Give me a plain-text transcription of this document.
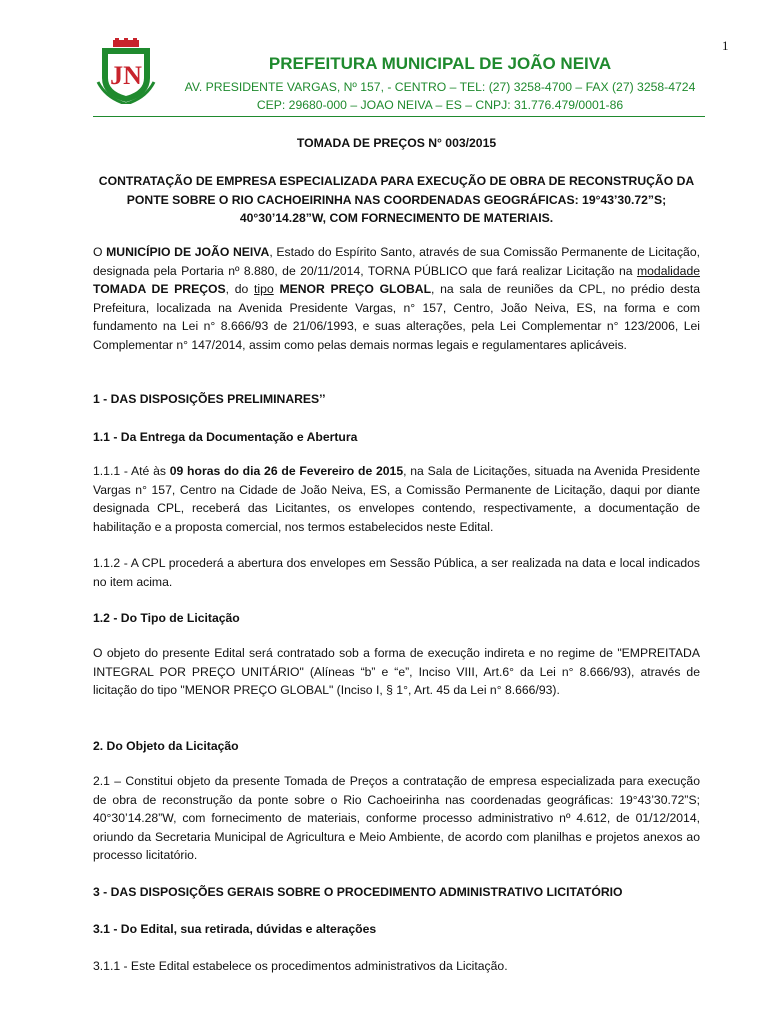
1
JN	PREFEITURA MUNICIPAL DE JOÃO NEIVA
AV. PRESIDENTE VARGAS, Nº 157, - CENTRO – TEL: (27) 3258-4700 – FAX (27) 3258-4724
CEP: 29680-000 – JOAO NEIVA – ES – CNPJ: 31.776.479/0001-86

TOMADA DE PREÇOS N° 003/2015

CONTRATAÇÃO DE EMPRESA ESPECIALIZADA PARA EXECUÇÃO DE OBRA DE RECONSTRUÇÃO DA PONTE SOBRE O RIO CACHOEIRINHA NAS COORDENADAS GEOGRÁFICAS: 19°43’30.72”S; 40°30’14.28”W, COM FORNECIMENTO DE MATERIAIS.

O MUNICÍPIO DE JOÃO NEIVA, Estado do Espírito Santo, através de sua Comissão Permanente de Licitação, designada pela Portaria nº 8.880, de 20/11/2014, TORNA PÚBLICO que fará realizar Licitação na modalidade TOMADA DE PREÇOS, do tipo MENOR PREÇO GLOBAL, na sala de reuniões da CPL, no prédio desta Prefeitura, localizada na Avenida Presidente Vargas, n° 157, Centro, João Neiva, ES, na forma e com fundamento na Lei n° 8.666/93 de 21/06/1993, e suas alterações, pela Lei Complementar n° 123/2006, Lei Complementar n° 147/2014, assim como pelas demais normas legais e regulamentares aplicáveis.

1 - DAS DISPOSIÇÕES PRELIMINARES’’

1.1 - Da Entrega da Documentação e Abertura

1.1.1 - Até às 09 horas do dia 26 de Fevereiro de 2015, na Sala de Licitações, situada na Avenida Presidente Vargas n° 157, Centro na Cidade de João Neiva, ES, a Comissão Permanente de Licitação, daqui por diante designada CPL, receberá das Licitantes, os envelopes contendo, respectivamente, a documentação de habilitação e a proposta comercial, nos termos estabelecidos neste Edital.

1.1.2 - A CPL procederá a abertura dos envelopes em Sessão Pública, a ser realizada na data e local indicados no item acima.

1.2 - Do Tipo de Licitação

O objeto do presente Edital será contratado sob a forma de execução indireta e no regime de "EMPREITADA INTEGRAL POR PREÇO UNITÁRIO" (Alíneas “b” e “e”, Inciso VIII, Art.6° da Lei n° 8.666/93), através de licitação do tipo "MENOR PREÇO GLOBAL" (Inciso I, § 1°, Art. 45 da Lei n° 8.666/93).

2. Do Objeto da Licitação

2.1 – Constitui objeto da presente Tomada de Preços a contratação de empresa especializada para execução de obra de reconstrução da ponte sobre o Rio Cachoeirinha nas coordenadas geográficas: 19°43’30.72”S; 40°30’14.28”W, com fornecimento de materiais, conforme processo administrativo nº 4.612, de 01/12/2014, oriundo da Secretaria Municipal de Agricultura e Meio Ambiente, de acordo com planilhas e projetos anexos ao processo licitatório.

3 - DAS DISPOSIÇÕES GERAIS SOBRE O PROCEDIMENTO ADMINISTRATIVO LICITATÓRIO

3.1 - Do Edital, sua retirada, dúvidas e alterações

3.1.1 - Este Edital estabelece os procedimentos administrativos da Licitação.
